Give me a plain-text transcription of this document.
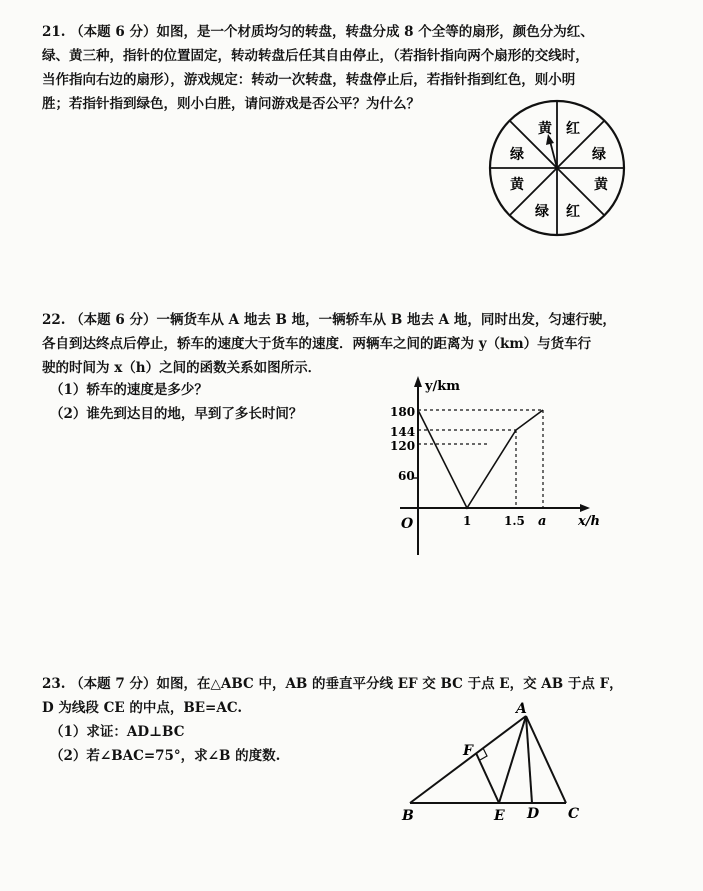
21. （本题 6 分）如图，是一个材质均匀的转盘，转盘分成 8 个全等的扇形，颜色分为红、
绿、黄三种，指针的位置固定，转动转盘后任其自由停止，（若指针指向两个扇形的交线时，
当作指向右边的扇形），游戏规定：转动一次转盘，转盘停止后，若指针指到红色，则小明
胜；若指针指到绿色，则小白胜，请问游戏是否公平？为什么？
黄 红
绿	绿
黄	黄
绿 红
y/km
x/h
O
180
144
120
60
1	1.5 a
A
B	C
D
E
F
22. （本题 6 分）一辆货车从 A 地去 B 地，一辆轿车从 B 地去 A 地，同时出发，匀速行驶，
各自到达终点后停止，轿车的速度大于货车的速度．两辆车之间的距离为 y（km）与货车行
驶的时间为 x（h）之间的函数关系如图所示．
（1）轿车的速度是多少？
（2）谁先到达目的地，早到了多长时间？
23. （本题 7 分）如图，在△ABC 中，AB 的垂直平分线 EF 交 BC 于点 E，交 AB 于点 F，
D 为线段 CE 的中点，BE=AC.
（1）求证：AD⊥BC
（2）若∠BAC=75°，求∠B 的度数.
